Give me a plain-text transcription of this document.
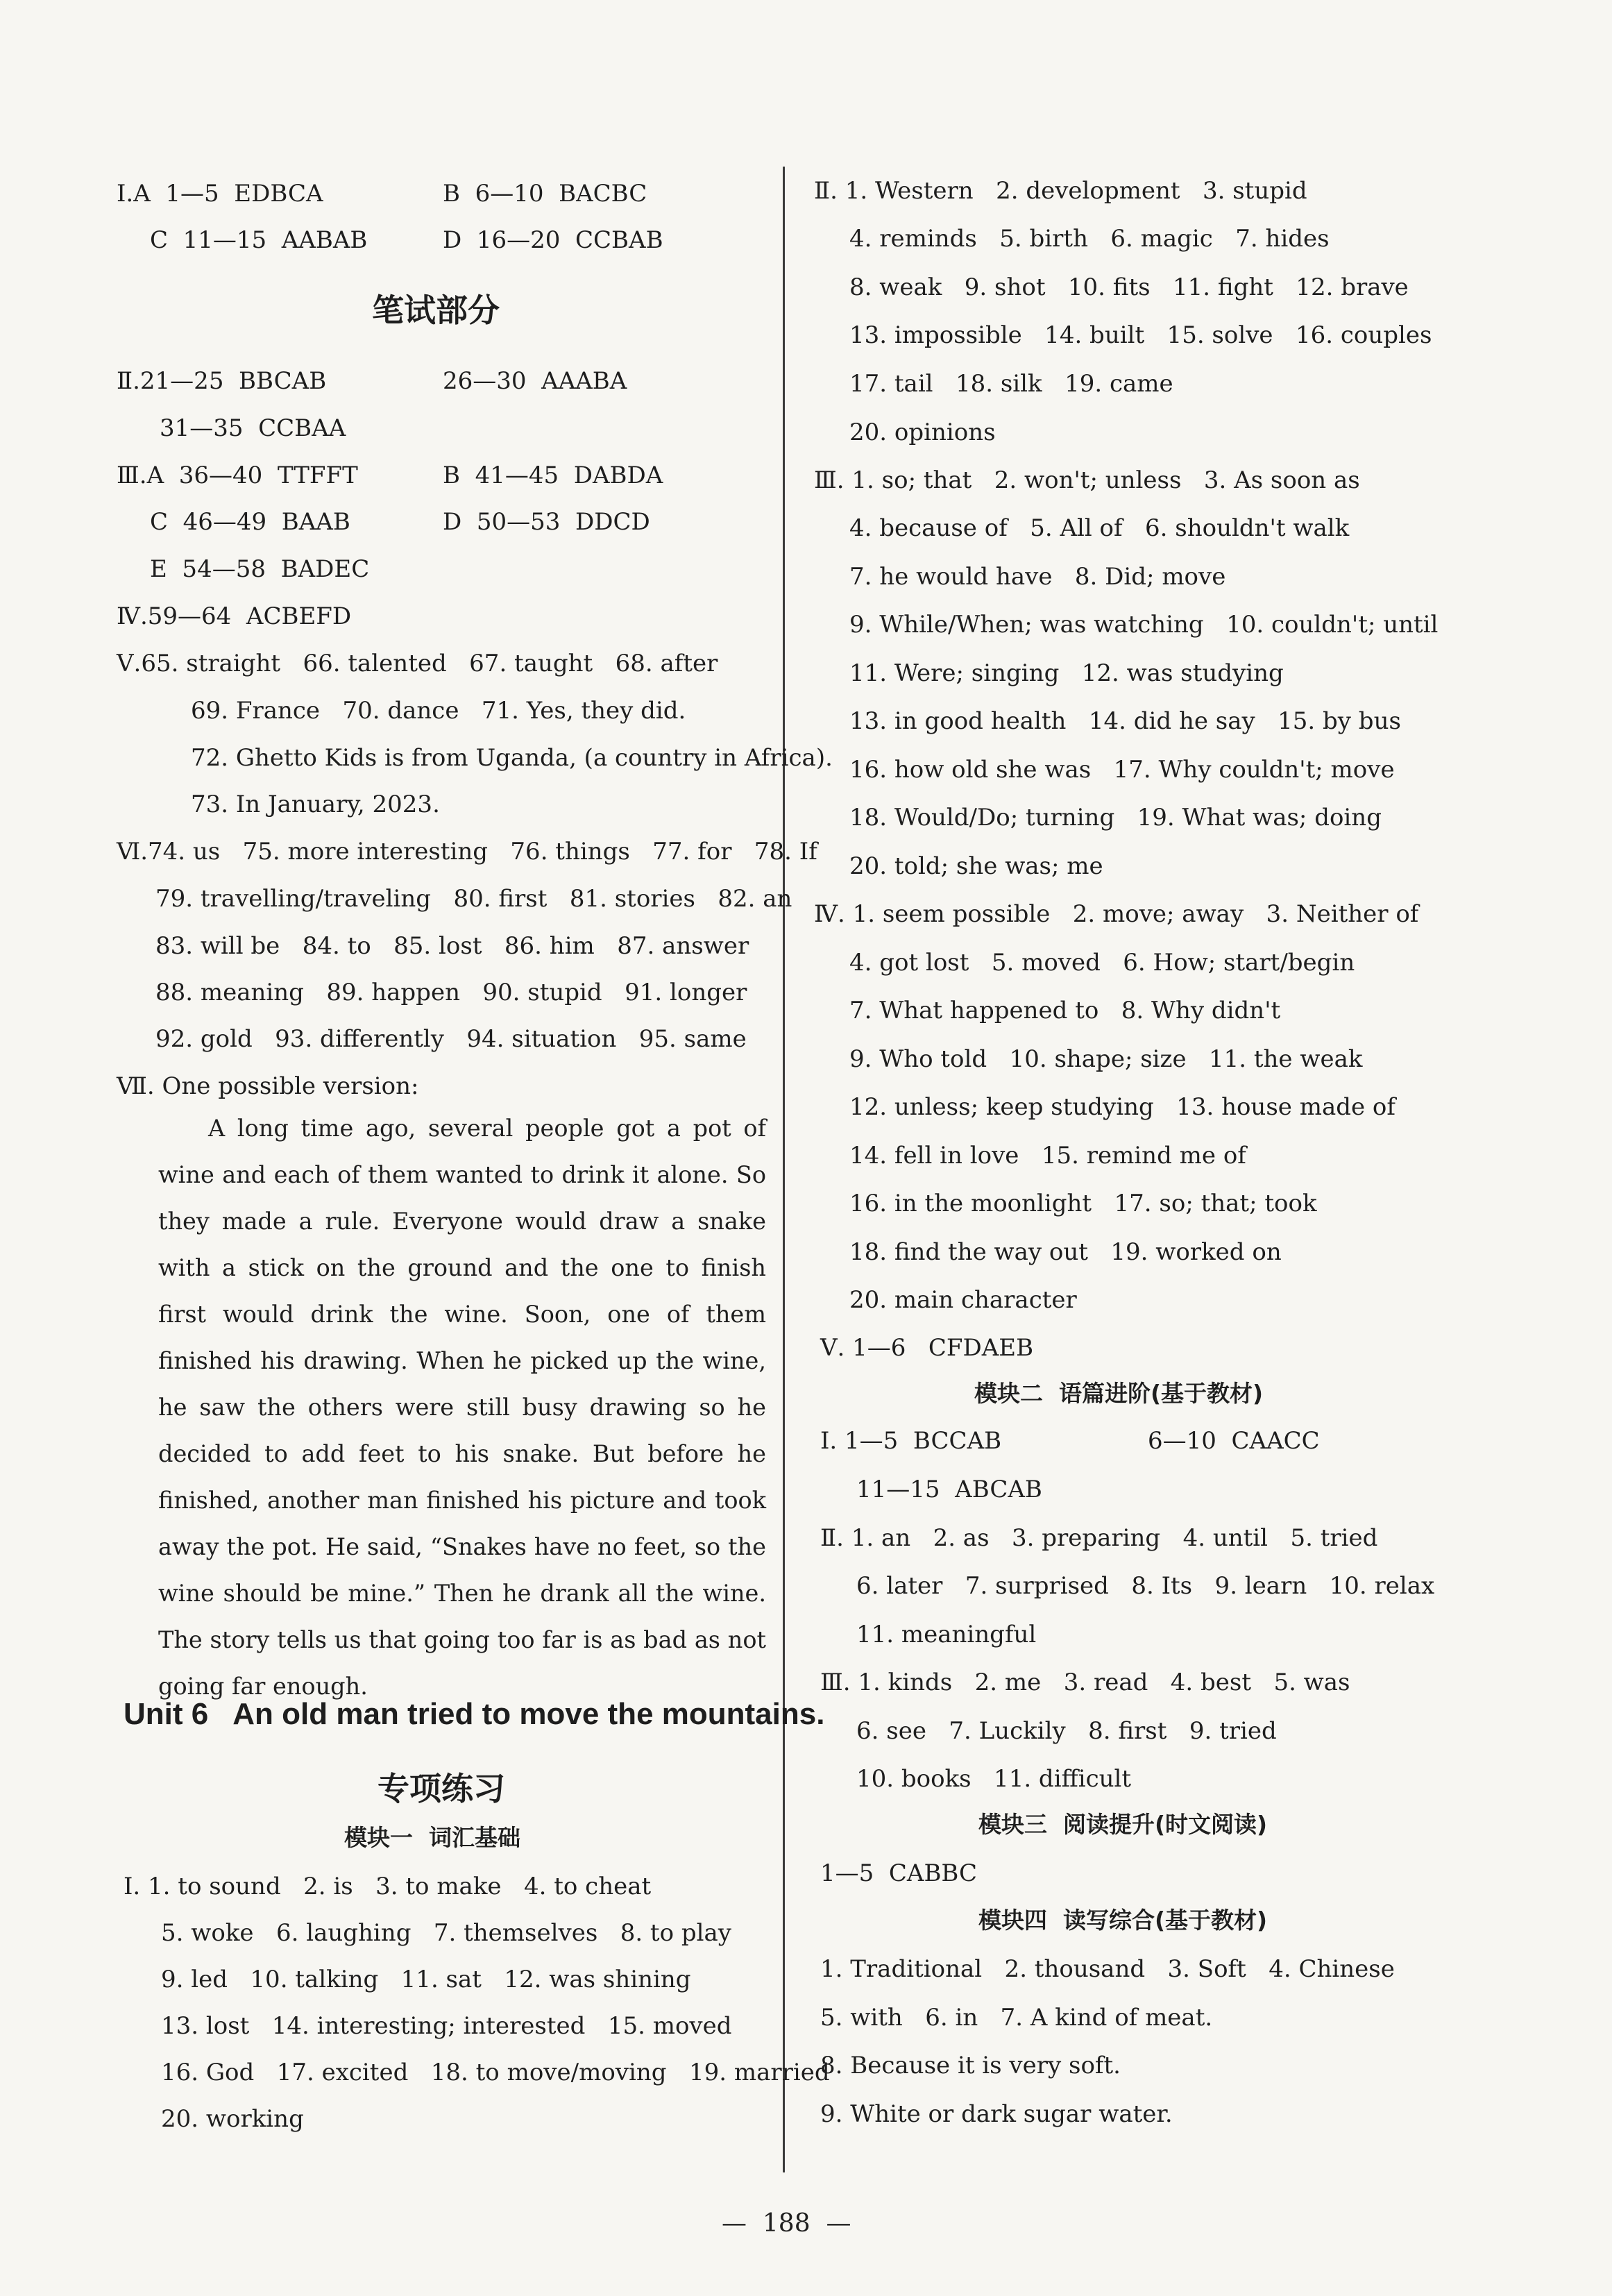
Ⅰ.A  1—5  EDBCA	B  6—10  BACBC
C  11—15  AABAB	D  16—20  CCBAB
笔试部分
Ⅱ.21—25  BBCAB	26—30  AAABA
31—35  CCBAA
Ⅲ.A  36—40  TTFFT	B  41—45  DABDA
C  46—49  BAAB	D  50—53  DDCD
E  54—58  BADEC
Ⅳ.59—64  ACBEFD
Ⅴ.65. straight   66. talented   67. taught   68. after
69. France   70. dance   71. Yes, they did.
72. Ghetto Kids is from Uganda, (a country in Africa).
73. In January, 2023.
Ⅵ.74. us   75. more interesting   76. things   77. for   78. If
79. travelling/traveling   80. first   81. stories   82. an
83. will be   84. to   85. lost   86. him   87. answer
88. meaning   89. happen   90. stupid   91. longer
92. gold   93. differently   94. situation   95. same
Ⅶ. One possible version:
A long time ago, several people got a pot of wine and each of them wanted to drink it alone. So they made a rule. Everyone would draw a snake with a stick on the ground and the one to finish first would drink the wine. Soon, one of them finished his drawing. When he picked up the wine, he saw the others were still busy drawing so he decided to add feet to his snake. But before he finished, another man finished his picture and took away the pot. He said, “Snakes have no feet, so the wine should be mine.” Then he drank all the wine. The story tells us that going too far is as bad as not going far enough.
Unit 6   An old man tried to move the mountains.
专项练习
模块一  词汇基础
Ⅰ. 1. to sound   2. is   3. to make   4. to cheat
5. woke   6. laughing   7. themselves   8. to play
9. led   10. talking   11. sat   12. was shining
13. lost   14. interesting; interested   15. moved
16. God   17. excited   18. to move/moving   19. married
20. working
Ⅱ. 1. Western   2. development   3. stupid
4. reminds   5. birth   6. magic   7. hides
8. weak   9. shot   10. fits   11. fight   12. brave
13. impossible   14. built   15. solve   16. couples
17. tail   18. silk   19. came
20. opinions
Ⅲ. 1. so; that   2. won't; unless   3. As soon as
4. because of   5. All of   6. shouldn't walk
7. he would have   8. Did; move
9. While/When; was watching   10. couldn't; until
11. Were; singing   12. was studying
13. in good health   14. did he say   15. by bus
16. how old she was   17. Why couldn't; move
18. Would/Do; turning   19. What was; doing
20. told; she was; me
Ⅳ. 1. seem possible   2. move; away   3. Neither of
4. got lost   5. moved   6. How; start/begin
7. What happened to   8. Why didn't
9. Who told   10. shape; size   11. the weak
12. unless; keep studying   13. house made of
14. fell in love   15. remind me of
16. in the moonlight   17. so; that; took
18. find the way out   19. worked on
20. main character
Ⅴ. 1—6   CFDAEB
模块二  语篇进阶(基于教材)
Ⅰ. 1—5  BCCAB	6—10  CAACC
11—15  ABCAB
Ⅱ. 1. an   2. as   3. preparing   4. until   5. tried
6. later   7. surprised   8. Its   9. learn   10. relax
11. meaningful
Ⅲ. 1. kinds   2. me   3. read   4. best   5. was
6. see   7. Luckily   8. first   9. tried
10. books   11. difficult
模块三  阅读提升(时文阅读)
1—5  CABBC
模块四  读写综合(基于教材)
1. Traditional   2. thousand   3. Soft   4. Chinese
5. with   6. in   7. A kind of meat.
8. Because it is very soft.
9. White or dark sugar water.
—  188  —
